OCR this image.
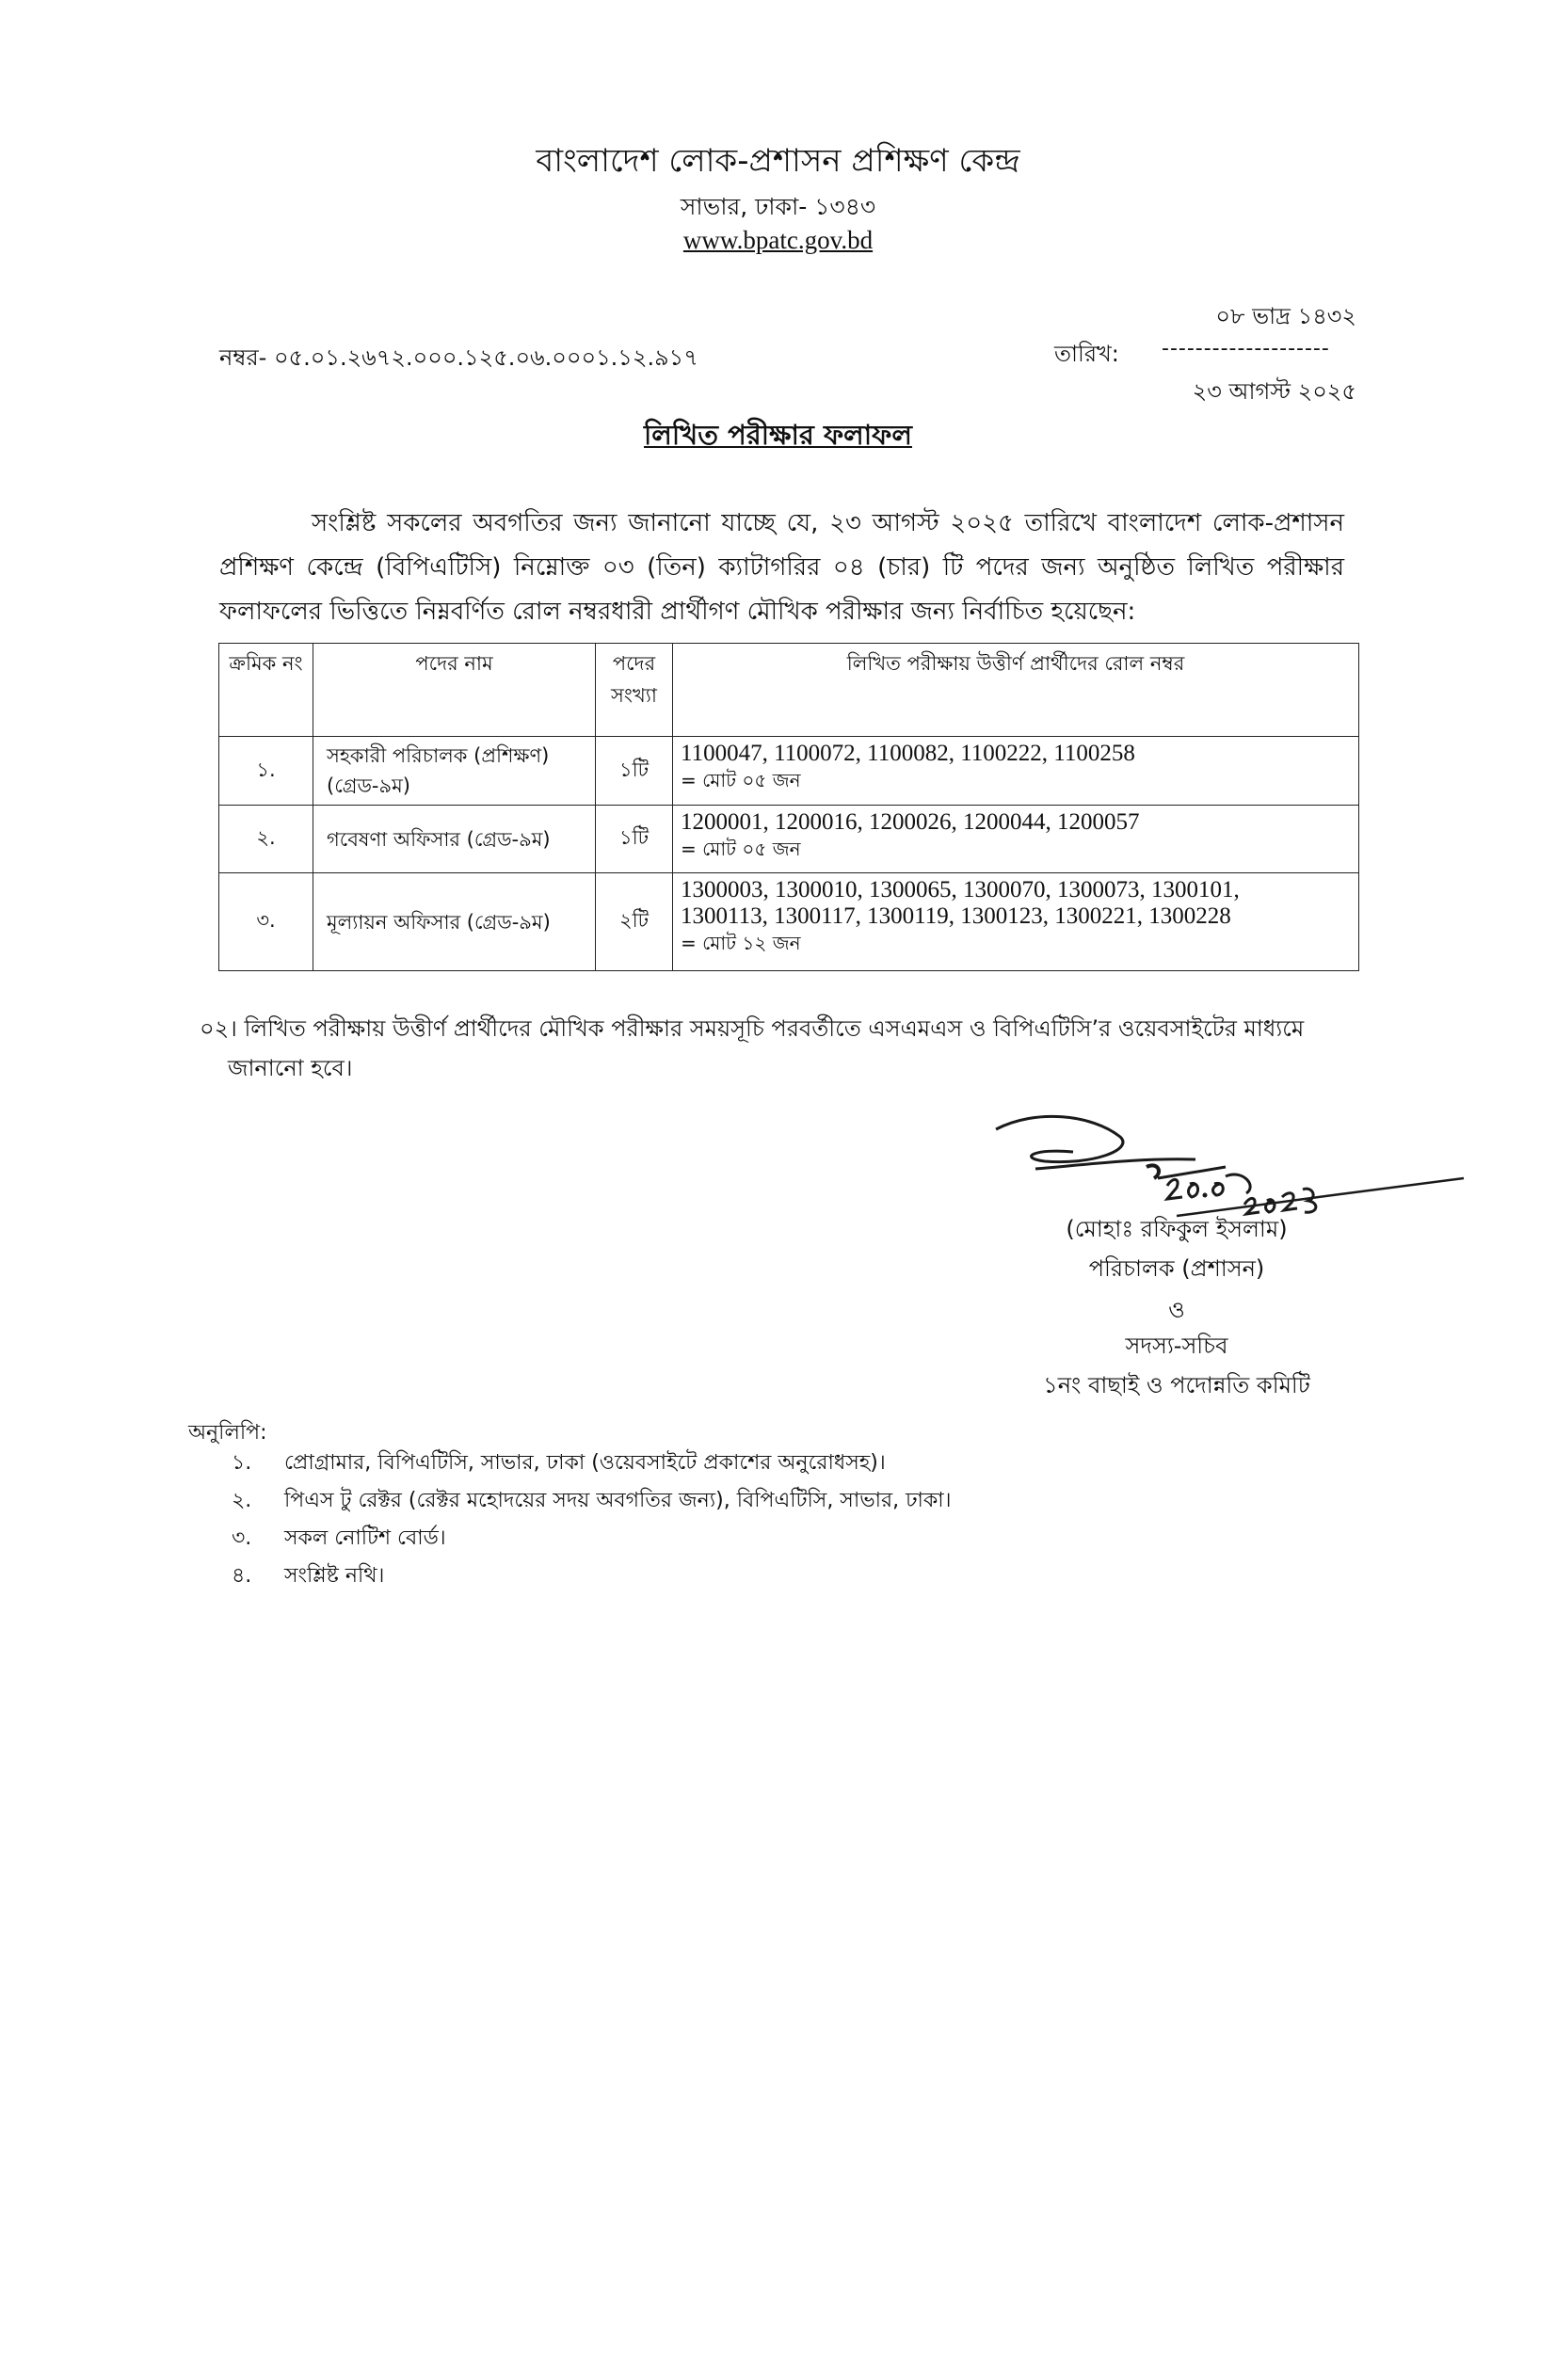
বাংলাদেশ লোক-প্রশাসন প্রশিক্ষণ কেন্দ্র
সাভার, ঢাকা- ১৩৪৩
www.bpatc.gov.bd
০৮ ভাদ্র ১৪৩২
নম্বর- ০৫.০১.২৬৭২.০০০.১২৫.০৬.০০০১.১২.৯১৭	তারিখ: --------------------
২৩ আগস্ট ২০২৫
লিখিত পরীক্ষার ফলাফল
সংশ্লিষ্ট সকলের অবগতির জন্য জানানো যাচ্ছে যে, ২৩ আগস্ট ২০২৫ তারিখে বাংলাদেশ লোক-প্রশাসন প্রশিক্ষণ কেন্দ্রে (বিপিএটিসি) নিম্নোক্ত ০৩ (তিন) ক্যাটাগরির ০৪ (চার) টি পদের জন্য অনুষ্ঠিত লিখিত পরীক্ষার ফলাফলের ভিত্তিতে নিম্নবর্ণিত রোল নম্বরধারী প্রার্থীগণ মৌখিক পরীক্ষার জন্য নির্বাচিত হয়েছেন:
ক্রমিক নং	পদের নাম	পদের সংখ্যা	লিখিত পরীক্ষায় উত্তীর্ণ প্রার্থীদের রোল নম্বর
১.	সহকারী পরিচালক (প্রশিক্ষণ) (গ্রেড-৯ম)	১টি	1100047, 1100072, 1100082, 1100222, 1100258
= মোট ০৫ জন

২.	গবেষণা অফিসার (গ্রেড-৯ম)	১টি	1200001, 1200016, 1200026, 1200044, 1200057
= মোট ০৫ জন

৩.	মূল্যায়ন অফিসার (গ্রেড-৯ম)	২টি	1300003, 1300010, 1300065, 1300070, 1300073, 1300101,
1300113, 1300117, 1300119, 1300123, 1300221, 1300228
= মোট ১২ জন
০২। লিখিত পরীক্ষায় উত্তীর্ণ প্রার্থীদের মৌখিক পরীক্ষার সময়সূচি পরবর্তীতে এসএমএস ও বিপিএটিসি’র ওয়েবসাইটের মাধ্যমে
জানানো হবে।
(মোহাঃ রফিকুল ইসলাম)
পরিচালক (প্রশাসন)
ও
সদস্য-সচিব
১নং বাছাই ও পদোন্নতি কমিটি
অনুলিপি:
১.	প্রোগ্রামার, বিপিএটিসি, সাভার, ঢাকা (ওয়েবসাইটে প্রকাশের অনুরোধসহ)।
২.	পিএস টু রেক্টর (রেক্টর মহোদয়ের সদয় অবগতির জন্য), বিপিএটিসি, সাভার, ঢাকা।
৩.	সকল নোটিশ বোর্ড।
৪.	সংশ্লিষ্ট নথি।
